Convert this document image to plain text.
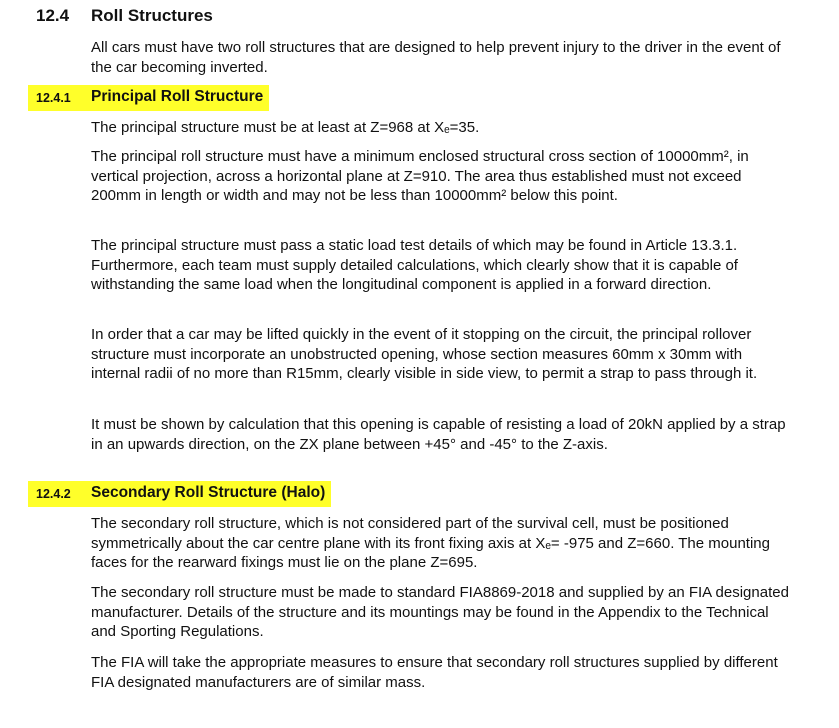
12.4 Roll Structures

All cars must have two roll structures that are designed to help prevent injury to the driver in the event of the car becoming inverted.

12.4.1 Principal Roll Structure

The principal structure must be at least at Z=968 at Xₑ=35.

The principal roll structure must have a minimum enclosed structural cross section of 10000mm², in vertical projection, across a horizontal plane at Z=910. The area thus established must not exceed 200mm in length or width and may not be less than 10000mm² below this point.

The principal structure must pass a static load test details of which may be found in Article 13.3.1. Furthermore, each team must supply detailed calculations, which clearly show that it is capable of withstanding the same load when the longitudinal component is applied in a forward direction.

In order that a car may be lifted quickly in the event of it stopping on the circuit, the principal rollover structure must incorporate an unobstructed opening, whose section measures 60mm x 30mm with internal radii of no more than R15mm, clearly visible in side view, to permit a strap to pass through it.

It must be shown by calculation that this opening is capable of resisting a load of 20kN applied by a strap in an upwards direction, on the ZX plane between +45° and -45° to the Z-axis.

12.4.2 Secondary Roll Structure (Halo)

The secondary roll structure, which is not considered part of the survival cell, must be positioned symmetrically about the car centre plane with its front fixing axis at Xₑ= -975 and Z=660. The mounting faces for the rearward fixings must lie on the plane Z=695.

The secondary roll structure must be made to standard FIA8869-2018 and supplied by an FIA designated manufacturer. Details of the structure and its mountings may be found in the Appendix to the Technical and Sporting Regulations.

The FIA will take the appropriate measures to ensure that secondary roll structures supplied by different FIA designated manufacturers are of similar mass.
